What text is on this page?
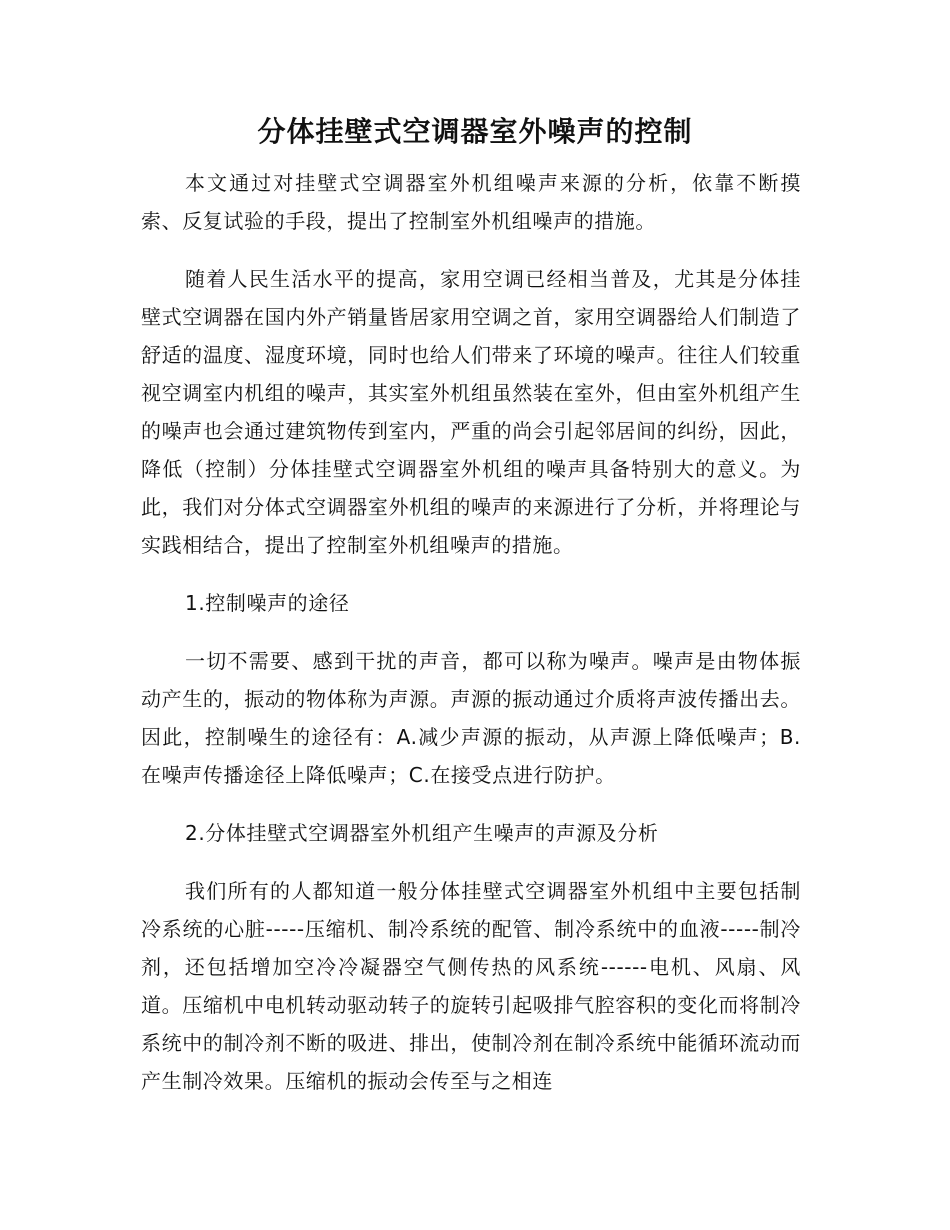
分体挂壁式空调器室外噪声的控制

本文通过对挂壁式空调器室外机组噪声来源的分析，依靠不断摸索、反复试验的手段，提出了控制室外机组噪声的措施。

随着人民生活水平的提高，家用空调已经相当普及，尤其是分体挂壁式空调器在国内外产销量皆居家用空调之首，家用空调器给人们制造了舒适的温度、湿度环境，同时也给人们带来了环境的噪声。往往人们较重视空调室内机组的噪声，其实室外机组虽然装在室外，但由室外机组产生的噪声也会通过建筑物传到室内，严重的尚会引起邻居间的纠纷，因此，降低（控制）分体挂壁式空调器室外机组的噪声具备特别大的意义。为此，我们对分体式空调器室外机组的噪声的来源进行了分析，并将理论与实践相结合，提出了控制室外机组噪声的措施。

1.控制噪声的途径

一切不需要、感到干扰的声音，都可以称为噪声。噪声是由物体振动产生的，振动的物体称为声源。声源的振动通过介质将声波传播出去。因此，控制噪生的途径有：A.减少声源的振动，从声源上降低噪声；B.在噪声传播途径上降低噪声；C.在接受点进行防护。

2.分体挂壁式空调器室外机组产生噪声的声源及分析

我们所有的人都知道一般分体挂壁式空调器室外机组中主要包括制冷系统的心脏-----压缩机、制冷系统的配管、制冷系统中的血液-----制冷剂，还包括增加空冷冷凝器空气侧传热的风系统------电机、风扇、风道。压缩机中电机转动驱动转子的旋转引起吸排气腔容积的变化而将制冷系统中的制冷剂不断的吸进、排出，使制冷剂在制冷系统中能循环流动而产生制冷效果。压缩机的振动会传至与之相连
